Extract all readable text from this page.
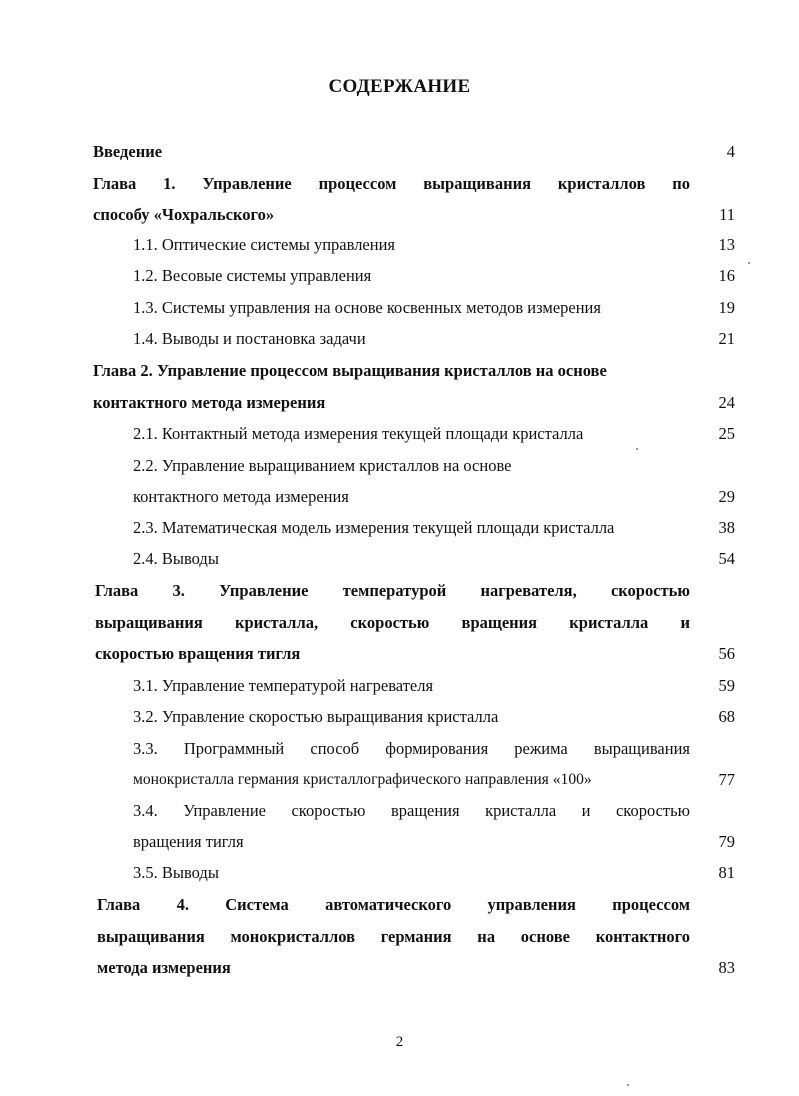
СОДЕРЖАНИЕ
Введение	4
Глава 1. Управление процессом выращивания кристаллов по
способу «Чохральского»	11
1.1. Оптические системы управления	13
1.2. Весовые системы управления	16
1.3. Системы управления на основе косвенных методов измерения	19
1.4. Выводы и постановка задачи	21
Глава 2. Управление процессом выращивания кристаллов на основе
контактного метода измерения	24
2.1. Контактный метода измерения текущей площади кристалла	25
2.2. Управление выращиванием кристаллов на основе
контактного метода измерения	29
2.3. Математическая модель измерения текущей площади кристалла	38
2.4. Выводы	54
Глава 3. Управление температурой нагревателя, скоростью
выращивания кристалла, скоростью вращения кристалла и
скоростью вращения тигля	56
3.1. Управление температурой нагревателя	59
3.2. Управление скоростью выращивания кристалла	68
3.3. Программный способ формирования режима выращивания
монокристалла германия кристаллографического направления «100»	77
3.4. Управление скоростью вращения кристалла и скоростью
вращения тигля	79
3.5. Выводы	81
Глава 4. Система автоматического управления процессом
выращивания монокристаллов германия на основе контактного
метода измерения	83
2
